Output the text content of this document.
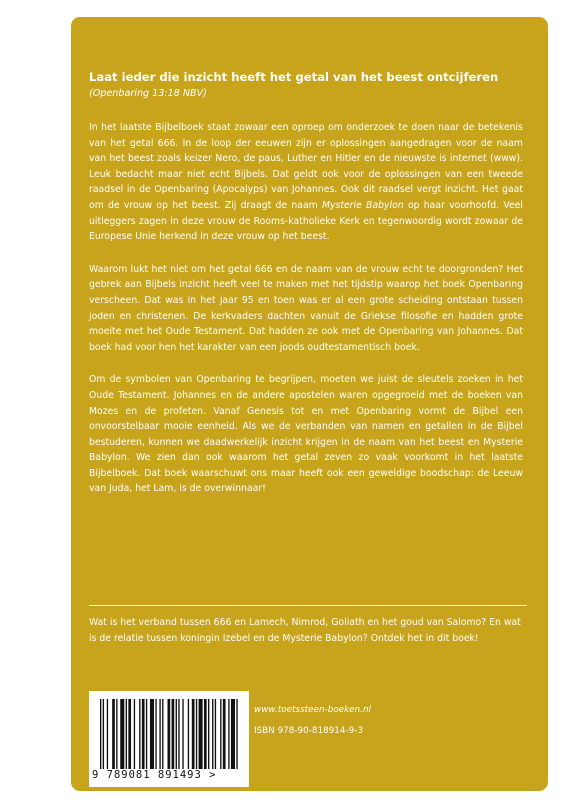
Laat ieder die inzicht heeft het getal van het beest ontcijferen

(Openbaring 13:18 NBV)

In het laatste Bijbelboek staat zowaar een oproep om onderzoek te doen naar de betekenis van het getal 666. In de loop der eeuwen zijn er oplossingen aangedragen voor de naam van het beest zoals keizer Nero, de paus, Luther en Hitler en de nieuwste is internet (www). Leuk bedacht maar niet echt Bijbels. Dat geldt ook voor de oplossingen van een tweede raadsel in de Openbaring (Apocalyps) van Johannes. Ook dit raadsel vergt inzicht. Het gaat om de vrouw op het beest. Zij draagt de naam Mysterie Babylon op haar voorhoofd. Veel uitleggers zagen in deze vrouw de Rooms-katholieke Kerk en tegenwoordig wordt zowaar de Europese Unie herkend in deze vrouw op het beest.

Waarom lukt het niet om het getal 666 en de naam van de vrouw echt te doorgronden? Het gebrek aan Bijbels inzicht heeft veel te maken met het tijdstip waarop het boek Openbaring verscheen. Dat was in het jaar 95 en toen was er al een grote scheiding ontstaan tussen joden en christenen. De kerkvaders dachten vanuit de Griekse filosofie en hadden grote moeite met het Oude Testament. Dat hadden ze ook met de Openbaring van Johannes. Dat boek had voor hen het karakter van een joods oudtestamentisch boek.

Om de symbolen van Openbaring te begrijpen, moeten we juist de sleutels zoeken in het Oude Testament. Johannes en de andere apostelen waren opgegroeid met de boeken van Mozes en de profeten. Vanaf Genesis tot en met Openbaring vormt de Bijbel een onvoorstelbaar mooie eenheid. Als we de verbanden van namen en getallen in de Bijbel bestuderen, kunnen we daadwerkelijk inzicht krijgen in de naam van het beest en Mysterie Babylon. We zien dan ook waarom het getal zeven zo vaak voorkomt in het laatste Bijbelboek. Dat boek waarschuwt ons maar heeft ook een geweldige boodschap: de Leeuw van Juda, het Lam, is de overwinnaar!

Wat is het verband tussen 666 en Lamech, Nimrod, Goliath en het goud van Salomo? En wat is de relatie tussen koningin Izebel en de Mysterie Babylon? Ontdek het in dit boek!
9 789081 891493 >
www.toetssteen-boeken.nl
ISBN 978-90-818914-9-3
